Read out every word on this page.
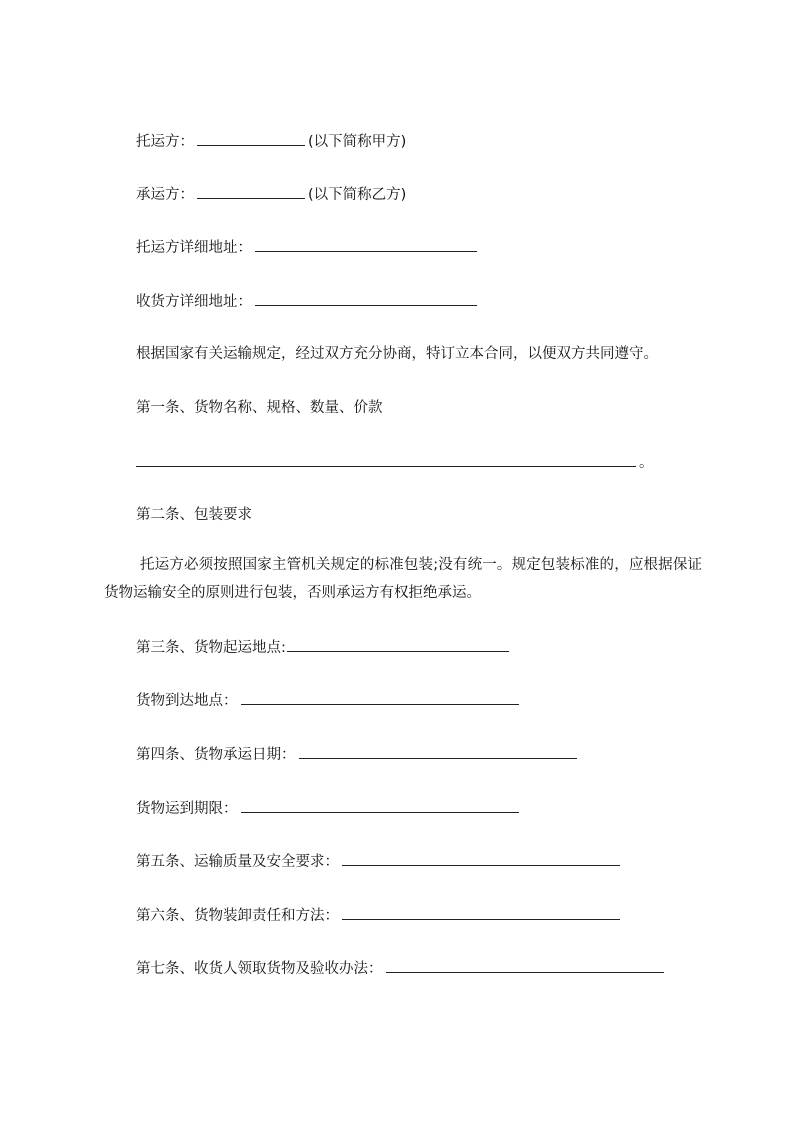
托运方：	(以下简称甲方)
承运方：	(以下简称乙方)
托运方详细地址：
收货方详细地址：
根据国家有关运输规定，经过双方充分协商，特订立本合同，以便双方共同遵守。
第一条、货物名称、规格、数量、价款
。
第二条、包装要求
托运方必须按照国家主管机关规定的标准包装;没有统一。规定包装标准的，应根据保证货物运输安全的原则进行包装，否则承运方有权拒绝承运。
第三条、货物起运地点:
货物到达地点：
第四条、货物承运日期：
货物运到期限：
第五条、运输质量及安全要求：
第六条、货物装卸责任和方法：
第七条、收货人领取货物及验收办法：
